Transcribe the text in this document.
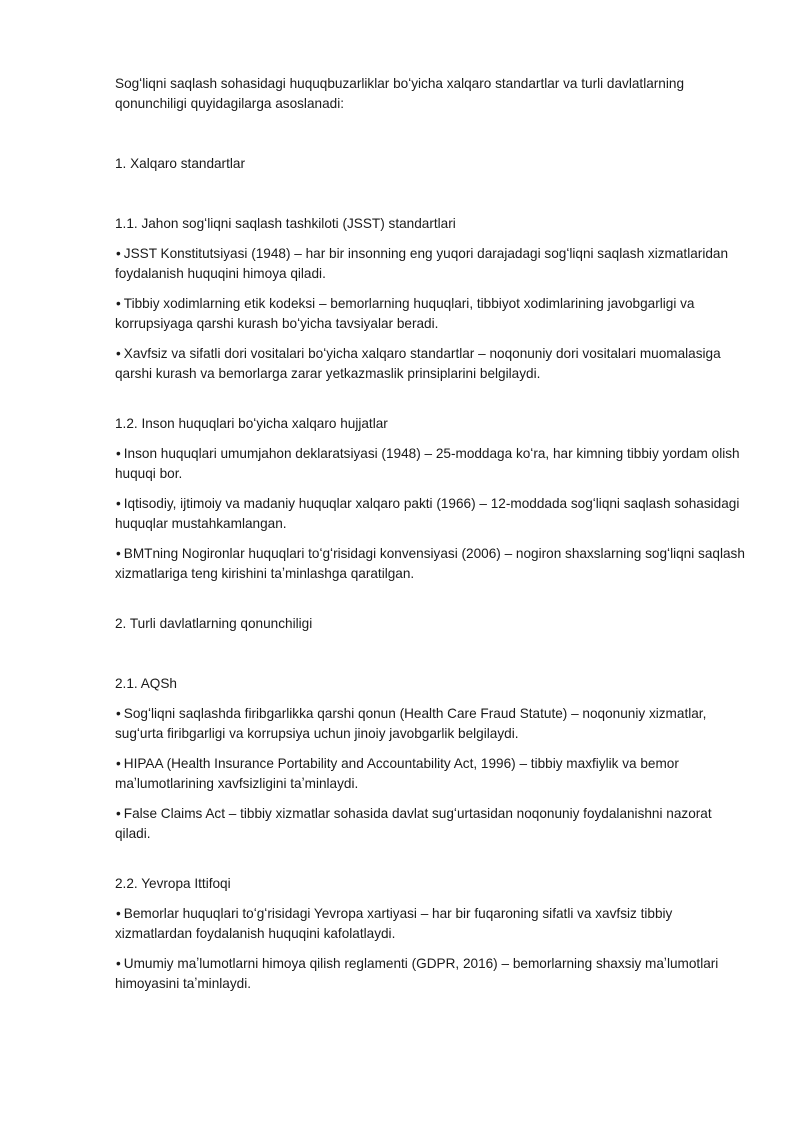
Sogʻliqni saqlash sohasidagi huquqbuzarliklar boʻyicha xalqaro standartlar va turli davlatlarning qonunchiligi quyidagilarga asoslanadi:

1. Xalqaro standartlar

1.1. Jahon sogʻliqni saqlash tashkiloti (JSST) standartlari

• JSST Konstitutsiyasi (1948) – har bir insonning eng yuqori darajadagi sogʻliqni saqlash xizmatlaridan foydalanish huquqini himoya qiladi.

• Tibbiy xodimlarning etik kodeksi – bemorlarning huquqlari, tibbiyot xodimlarining javobgarligi va korrupsiyaga qarshi kurash boʻyicha tavsiyalar beradi.

• Xavfsiz va sifatli dori vositalari boʻyicha xalqaro standartlar – noqonuniy dori vositalari muomalasiga qarshi kurash va bemorlarga zarar yetkazmaslik prinsiplarini belgilaydi.

1.2. Inson huquqlari boʻyicha xalqaro hujjatlar

• Inson huquqlari umumjahon deklaratsiyasi (1948) – 25-moddaga koʻra, har kimning tibbiy yordam olish huquqi bor.

• Iqtisodiy, ijtimoiy va madaniy huquqlar xalqaro pakti (1966) – 12-moddada sogʻliqni saqlash sohasidagi huquqlar mustahkamlangan.

• BMTning Nogironlar huquqlari toʻgʻrisidagi konvensiyasi (2006) – nogiron shaxslarning sogʻliqni saqlash xizmatlariga teng kirishini taʼminlashga qaratilgan.

2. Turli davlatlarning qonunchiligi

2.1. AQSh

• Sogʻliqni saqlashda firibgarlikka qarshi qonun (Health Care Fraud Statute) – noqonuniy xizmatlar, sugʻurta firibgarligi va korrupsiya uchun jinoiy javobgarlik belgilaydi.

• HIPAA (Health Insurance Portability and Accountability Act, 1996) – tibbiy maxfiylik va bemor maʼlumotlarining xavfsizligini taʼminlaydi.

• False Claims Act – tibbiy xizmatlar sohasida davlat sugʻurtasidan noqonuniy foydalanishni nazorat qiladi.

2.2. Yevropa Ittifoqi

• Bemorlar huquqlari toʻgʻrisidagi Yevropa xartiyasi – har bir fuqaroning sifatli va xavfsiz tibbiy xizmatlardan foydalanish huquqini kafolatlaydi.

• Umumiy maʼlumotlarni himoya qilish reglamenti (GDPR, 2016) – bemorlarning shaxsiy maʼlumotlari himoyasini taʼminlaydi.
